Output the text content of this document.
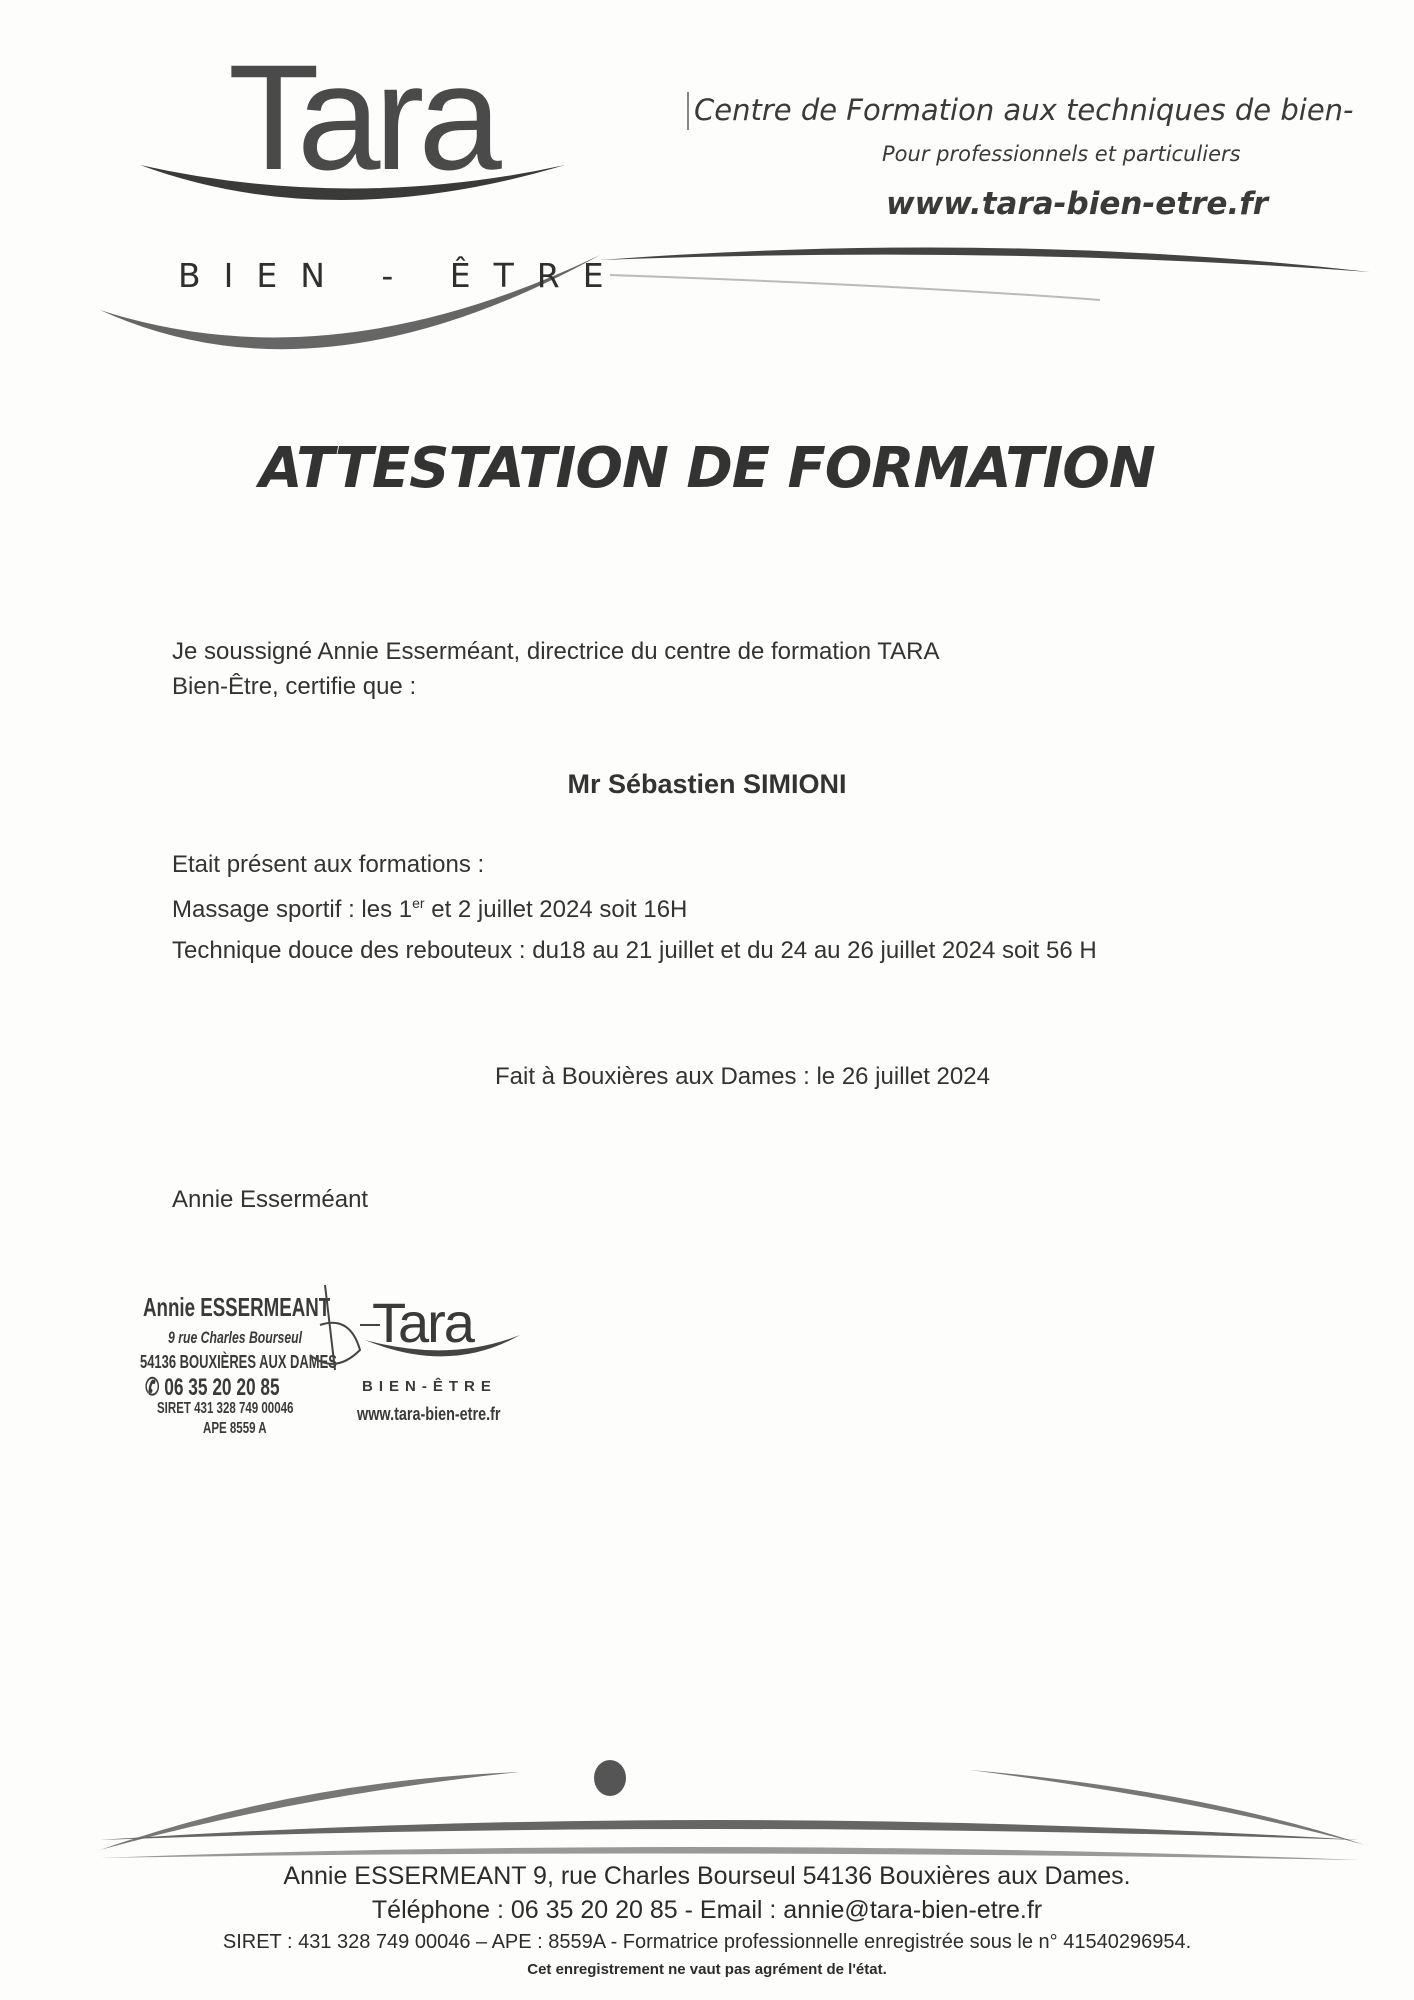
Tara
BIEN - ÊTRE
Centre de Formation aux techniques de bien-
Pour professionnels et particuliers
www.tara-bien-etre.fr
ATTESTATION DE FORMATION
Je soussigné Annie Esserméant, directrice du centre de formation TARA
Bien-Être, certifie que :
Mr Sébastien SIMIONI
Etait présent aux formations :
Massage sportif : les 1er et 2 juillet 2024 soit 16H
Technique douce des rebouteux : du18 au 21 juillet et du 24 au 26 juillet 2024 soit 56 H
Fait à Bouxières aux Dames : le 26 juillet 2024
Annie Esserméant
Annie ESSERMEANT
9 rue Charles Bourseul
54136 BOUXIÈRES AUX DAMES
✆ 06 35 20 20 85
SIRET 431 328 749 00046
APE 8559 A
Tara
BIEN-ÊTRE
www.tara-bien-etre.fr
Annie ESSERMEANT 9, rue Charles Bourseul 54136 Bouxières aux Dames.
Téléphone : 06 35 20 20 85 - Email : annie@tara-bien-etre.fr
SIRET : 431 328 749 00046 – APE : 8559A - Formatrice professionnelle enregistrée sous le n° 41540296954.
Cet enregistrement ne vaut pas agrément de l'état.
